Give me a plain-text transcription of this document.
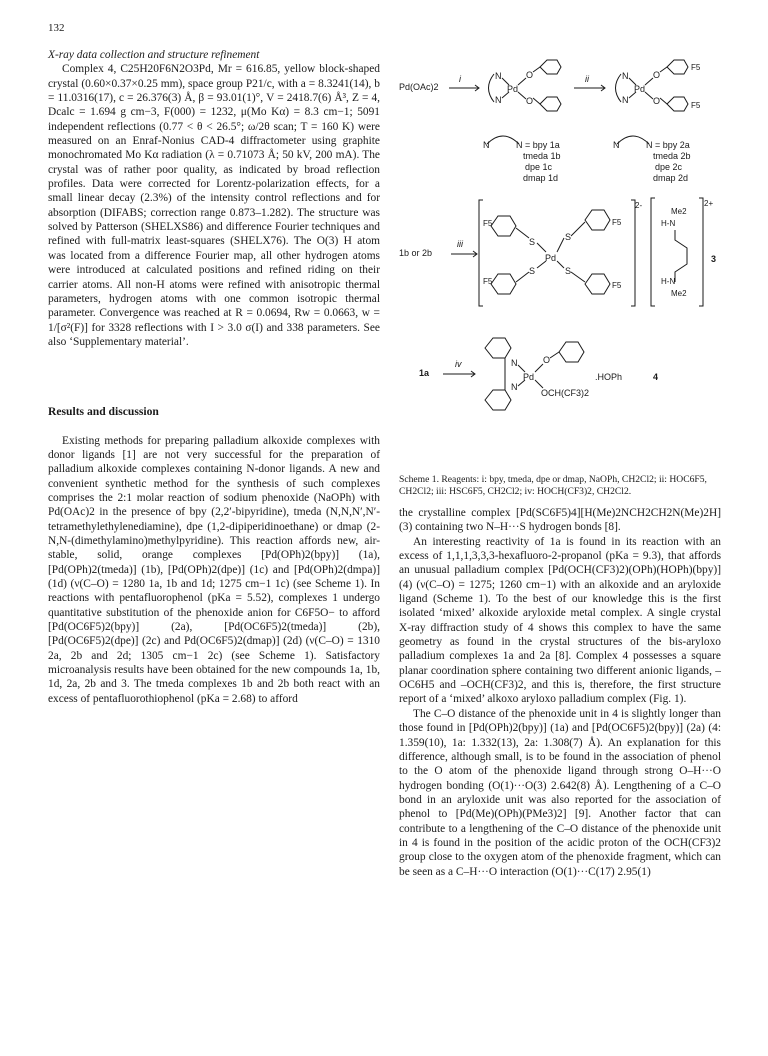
132

X-ray data collection and structure refinement

Complex 4, C25H20F6N2O3Pd, Mr = 616.85, yellow block-shaped crystal (0.60×0.37×0.25 mm), space group P21/c, with a = 8.3241(14), b = 11.0316(17), c = 26.376(3) Å, β = 93.01(1)°, V = 2418.7(6) Å³, Z = 4, Dcalc = 1.694 g cm−3, F(000) = 1232, μ(Mo Kα) = 8.3 cm−1; 5091 independent reflections (0.77 < θ < 26.5°; ω/2θ scan; T = 160 K) were measured on an Enraf-Nonius CAD-4 diffractometer using graphite monochromated Mo Kα radiation (λ = 0.71073 Å; 50 kV, 200 mA). The crystal was of rather poor quality, as indicated by broad reflection profiles. Data were corrected for Lorentz-polarization effects, for a small linear decay (2.3%) of the intensity control reflections and for absorption (DIFABS; correction range 0.873–1.282). The structure was solved by Patterson (SHELXS86) and difference Fourier techniques and refined with full-matrix least-squares (SHELX76). The O(3) H atom was located from a difference Fourier map, all other hydrogen atoms were introduced at calculated positions and refined riding on their carrier atoms. All non-H atoms were refined with anisotropic thermal parameters, hydrogen atoms with one common isotropic thermal parameter. Convergence was reached at R = 0.0694, Rw = 0.0663, w = 1/[σ²(F)] for 3328 reflections with I > 3.0 σ(I) and 338 parameters. See also ‘Supplementary material’.

Results and discussion

Existing methods for preparing palladium alkoxide complexes with donor ligands [1] are not very successful for the preparation of palladium alkoxide complexes containing N-donor ligands. A new and convenient synthetic method for the synthesis of such complexes comprises the 2:1 molar reaction of sodium phenoxide (NaOPh) with Pd(OAc)2 in the presence of bpy (2,2′-bipyridine), tmeda (N,N,N′,N′-tetramethylethylenediamine), dpe (1,2-dipiperidinoethane) or dmap (2-N,N-(dimethylamino)methylpyridine). This reaction affords new, air-stable, solid, orange complexes [Pd(OPh)2(bpy)] (1a), [Pd(OPh)2(tmeda)] (1b), [Pd(OPh)2(dpe)] (1c) and [Pd(OPh)2(dmpa)] (1d) (ν(C–O) = 1280 1a, 1b and 1d; 1275 cm−1 1c) (see Scheme 1). In reactions with pentafluorophenol (pKa = 5.52), complexes 1 undergo quantitative substitution of the phenoxide anion for C6F5O− to afford [Pd(OC6F5)2(bpy)] (2a), [Pd(OC6F5)2(tmeda)] (2b), [Pd(OC6F5)2(dpe)] (2c) and Pd(OC6F5)2(dmap)] (2d) (ν(C–O) = 1310 2a, 2b and 2d; 1305 cm−1 2c) (see Scheme 1). Satisfactory microanalysis results have been obtained for the new compounds 1a, 1b, 1d, 2a, 2b and 3. The tmeda complexes 1b and 2b both react with an excess of pentafluorothiophenol (pKa = 2.68) to afford

Pd(OAc)2
i	N
N
Pd
O
O
ii	N
N
Pd
O
O
F5
F5
N	N = bpy 1a
tmeda 1b
dpe 1c
dmap 1d
N	N = bpy 2a
tmeda 2b
dpe 2c
dmap 2d
1b or 2b
iii
2-
F5
F5
F5
F5
S
S
S
S
Pd
2+
Me2
H-N
H-N
Me2
3
1a
iv	N
N
Pd
O
OCH(CF3)2
.HOPh	4

Scheme 1. Reagents: i: bpy, tmeda, dpe or dmap, NaOPh, CH2Cl2; ii: HOC6F5, CH2Cl2; iii: HSC6F5, CH2Cl2; iv: HOCH(CF3)2, CH2Cl2.

the crystalline complex [Pd(SC6F5)4][H(Me)2NCH2CH2N(Me)2H] (3) containing two N–H···S hydrogen bonds [8].

An interesting reactivity of 1a is found in its reaction with an excess of 1,1,1,3,3,3-hexafluoro-2-propanol (pKa = 9.3), that affords an unusual palladium complex [Pd(OCH(CF3)2)(OPh)(HOPh)(bpy)] (4) (ν(C–O) = 1275; 1260 cm−1) with an alkoxide and an aryloxide ligand (Scheme 1). To the best of our knowledge this is the first isolated ‘mixed’ alkoxide aryloxide metal complex. A single crystal X-ray diffraction study of 4 shows this complex to have the same geometry as found in the crystal structures of the bis-aryloxo palladium complexes 1a and 2a [8]. Complex 4 possesses a square planar coordination sphere containing two different anionic ligands, –OC6H5 and –OCH(CF3)2, and this is, therefore, the first structure report of a ‘mixed’ alkoxo aryloxo palladium complex (Fig. 1).

The C–O distance of the phenoxide unit in 4 is slightly longer than those found in [Pd(OPh)2(bpy)] (1a) and [Pd(OC6F5)2(bpy)] (2a) (4: 1.359(10), 1a: 1.332(13), 2a: 1.308(7) Å). An explanation for this difference, although small, is to be found in the association of phenol to the O atom of the phenoxide ligand through strong O–H···O hydrogen bonding (O(1)···O(3) 2.642(8) Å). Lengthening of a C–O bond in an aryloxide unit was also reported for the association of phenol to [Pd(Me)(OPh)(PMe3)2] [9]. Another factor that can contribute to a lengthening of the C–O distance of the phenoxide unit in 4 is found in the position of the acidic proton of the OCH(CF3)2 group close to the oxygen atom of the phenoxide fragment, which can be seen as a C–H···O interaction (O(1)···C(17) 2.95(1)
